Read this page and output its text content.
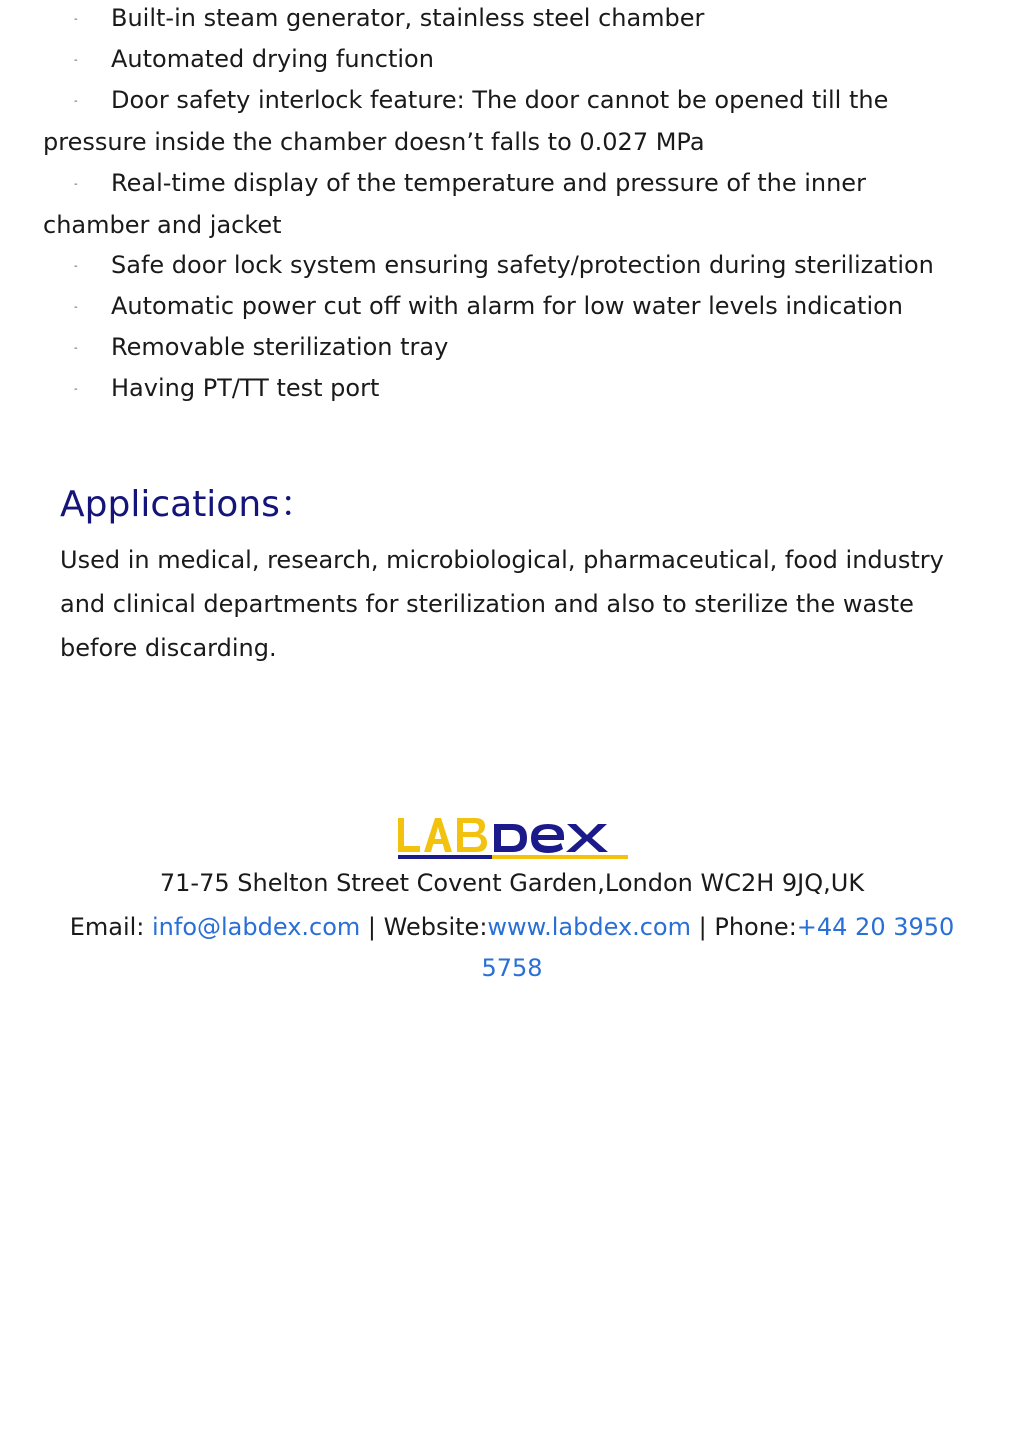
- Built-in steam generator, stainless steel chamber
- Automated drying function
- Door safety interlock feature: The door cannot be opened till the pressure inside the chamber doesn’t falls to 0.027 MPa
- Real-time display of the temperature and pressure of the inner chamber and jacket
- Safe door lock system ensuring safety/protection during sterilization
- Automatic power cut off with alarm for low water levels indication
- Removable sterilization tray
- Having PT/TT test port
Applications：

Used in medical, research, microbiological, pharmaceutical, food industry and clinical departments for sterilization and also to sterilize the waste before discarding.

71-75 Shelton Street Covent Garden,London WC2H 9JQ,UK

Email: info@labdex.com | Website:www.labdex.com | Phone:+44 20 3950 5758
